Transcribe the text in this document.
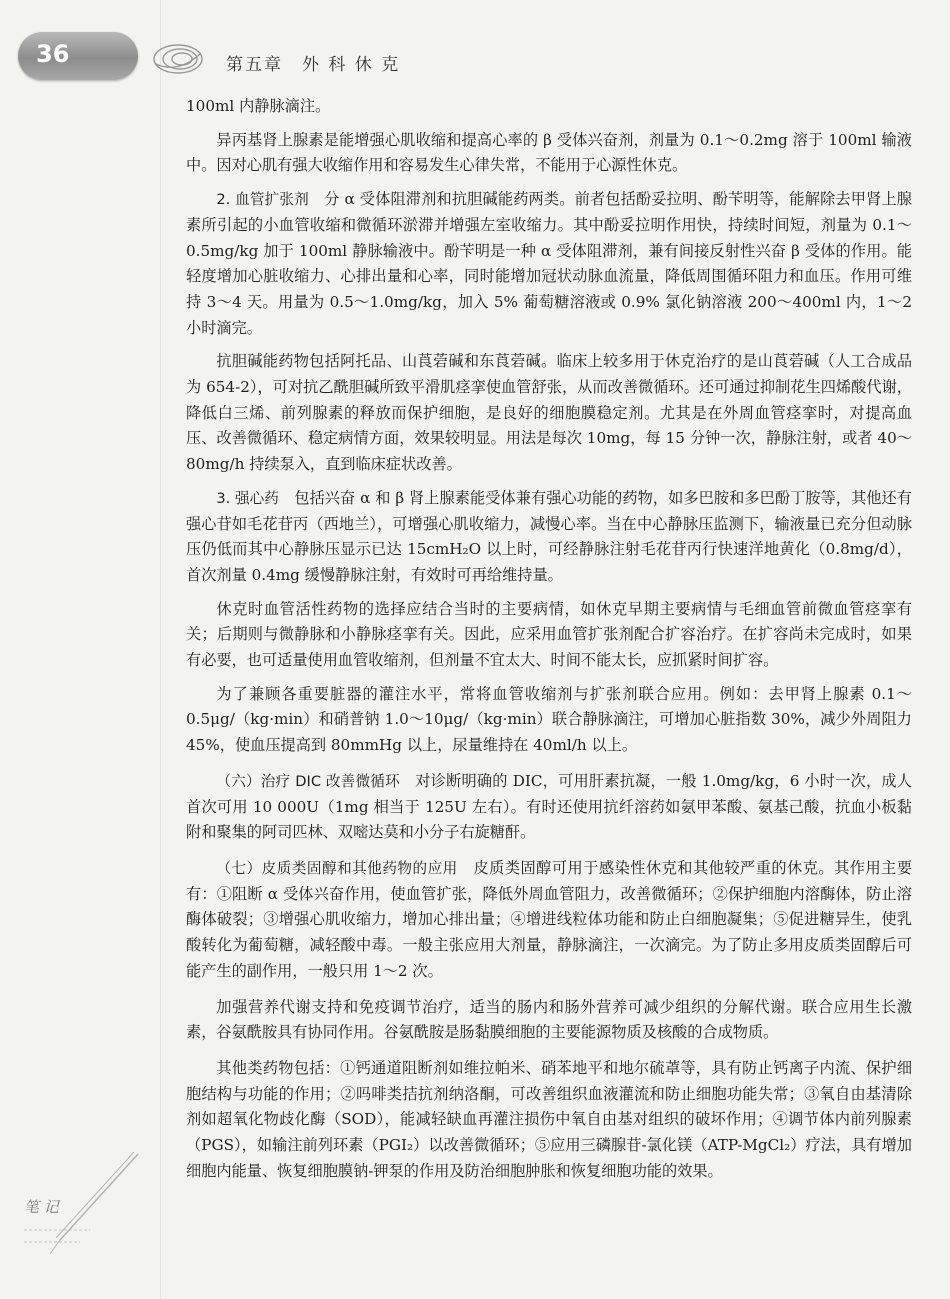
36	第五章　外 科 休 克

100ml 内静脉滴注。

异丙基肾上腺素是能增强心肌收缩和提高心率的 β 受体兴奋剂，剂量为 0.1～0.2mg 溶于 100ml 输液中。因对心肌有强大收缩作用和容易发生心律失常，不能用于心源性休克。

2. 血管扩张剂　分 α 受体阻滞剂和抗胆碱能药两类。前者包括酚妥拉明、酚苄明等，能解除去甲肾上腺素所引起的小血管收缩和微循环淤滞并增强左室收缩力。其中酚妥拉明作用快，持续时间短，剂量为 0.1～0.5mg/kg 加于 100ml 静脉输液中。酚苄明是一种 α 受体阻滞剂，兼有间接反射性兴奋 β 受体的作用。能轻度增加心脏收缩力、心排出量和心率，同时能增加冠状动脉血流量，降低周围循环阻力和血压。作用可维持 3～4 天。用量为 0.5～1.0mg/kg，加入 5% 葡萄糖溶液或 0.9% 氯化钠溶液 200～400ml 内，1～2 小时滴完。

抗胆碱能药物包括阿托品、山莨菪碱和东莨菪碱。临床上较多用于休克治疗的是山莨菪碱（人工合成品为 654-2），可对抗乙酰胆碱所致平滑肌痉挛使血管舒张，从而改善微循环。还可通过抑制花生四烯酸代谢，降低白三烯、前列腺素的释放而保护细胞，是良好的细胞膜稳定剂。尤其是在外周血管痉挛时，对提高血压、改善微循环、稳定病情方面，效果较明显。用法是每次 10mg，每 15 分钟一次，静脉注射，或者 40～80mg/h 持续泵入，直到临床症状改善。

3. 强心药　包括兴奋 α 和 β 肾上腺素能受体兼有强心功能的药物，如多巴胺和多巴酚丁胺等，其他还有强心苷如毛花苷丙（西地兰），可增强心肌收缩力，减慢心率。当在中心静脉压监测下，输液量已充分但动脉压仍低而其中心静脉压显示已达 15cmH₂O 以上时，可经静脉注射毛花苷丙行快速洋地黄化（0.8mg/d），首次剂量 0.4mg 缓慢静脉注射，有效时可再给维持量。

休克时血管活性药物的选择应结合当时的主要病情，如休克早期主要病情与毛细血管前微血管痉挛有关；后期则与微静脉和小静脉痉挛有关。因此，应采用血管扩张剂配合扩容治疗。在扩容尚未完成时，如果有必要，也可适量使用血管收缩剂，但剂量不宜太大、时间不能太长，应抓紧时间扩容。

为了兼顾各重要脏器的灌注水平，常将血管收缩剂与扩张剂联合应用。例如：去甲肾上腺素 0.1～0.5μg/（kg·min）和硝普钠 1.0～10μg/（kg·min）联合静脉滴注，可增加心脏指数 30%，减少外周阻力 45%，使血压提高到 80mmHg 以上，尿量维持在 40ml/h 以上。

（六）治疗 DIC 改善微循环　对诊断明确的 DIC，可用肝素抗凝，一般 1.0mg/kg，6 小时一次，成人首次可用 10 000U（1mg 相当于 125U 左右）。有时还使用抗纤溶药如氨甲苯酸、氨基己酸，抗血小板黏附和聚集的阿司匹林、双嘧达莫和小分子右旋糖酐。

（七）皮质类固醇和其他药物的应用　皮质类固醇可用于感染性休克和其他较严重的休克。其作用主要有：①阻断 α 受体兴奋作用，使血管扩张，降低外周血管阻力，改善微循环；②保护细胞内溶酶体，防止溶酶体破裂；③增强心肌收缩力，增加心排出量；④增进线粒体功能和防止白细胞凝集；⑤促进糖异生，使乳酸转化为葡萄糖，减轻酸中毒。一般主张应用大剂量，静脉滴注，一次滴完。为了防止多用皮质类固醇后可能产生的副作用，一般只用 1～2 次。

加强营养代谢支持和免疫调节治疗，适当的肠内和肠外营养可减少组织的分解代谢。联合应用生长激素，谷氨酰胺具有协同作用。谷氨酰胺是肠黏膜细胞的主要能源物质及核酸的合成物质。

其他类药物包括：①钙通道阻断剂如维拉帕米、硝苯地平和地尔硫䓬等，具有防止钙离子内流、保护细胞结构与功能的作用；②吗啡类拮抗剂纳洛酮，可改善组织血液灌流和防止细胞功能失常；③氧自由基清除剂如超氧化物歧化酶（SOD），能减轻缺血再灌注损伤中氧自由基对组织的破坏作用；④调节体内前列腺素（PGS），如输注前列环素（PGI₂）以改善微循环；⑤应用三磷腺苷-氯化镁（ATP-MgCl₂）疗法，具有增加细胞内能量、恢复细胞膜钠-钾泵的作用及防治细胞肿胀和恢复细胞功能的效果。

笔 记
